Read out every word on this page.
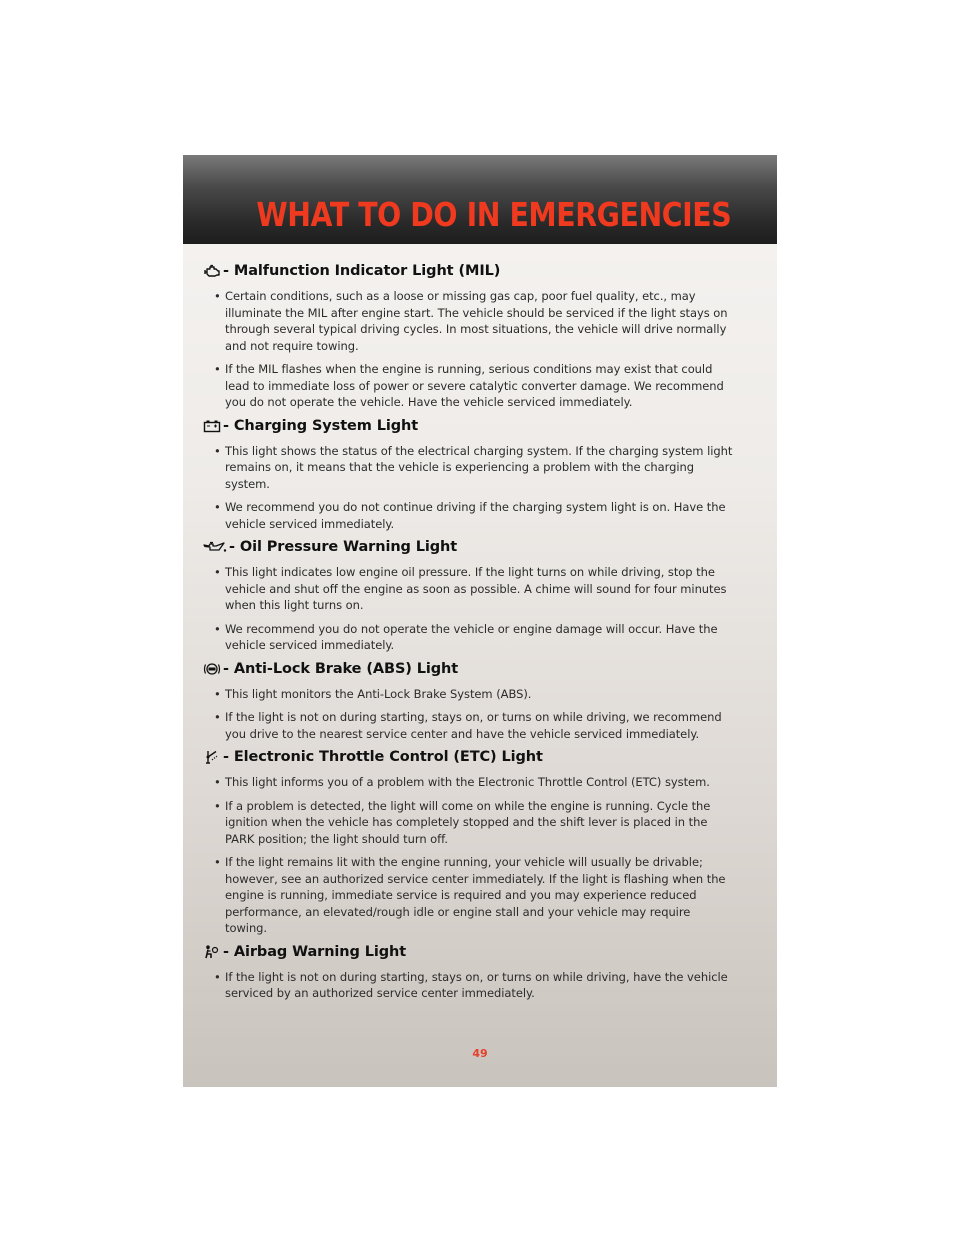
WHAT TO DO IN EMERGENCIES
- Malfunction Indicator Light (MIL)
• Certain conditions, such as a loose or missing gas cap, poor fuel quality, etc., may illuminate the MIL after engine start. The vehicle should be serviced if the light stays on through several typical driving cycles. In most situations, the vehicle will drive normally and not require towing.
• If the MIL flashes when the engine is running, serious conditions may exist that could lead to immediate loss of power or severe catalytic converter damage. We recommend you do not operate the vehicle. Have the vehicle serviced immediately.
- Charging System Light
• This light shows the status of the electrical charging system. If the charging system light remains on, it means that the vehicle is experiencing a problem with the charging system.
• We recommend you do not continue driving if the charging system light is on. Have the vehicle serviced immediately.
- Oil Pressure Warning Light
• This light indicates low engine oil pressure. If the light turns on while driving, stop the vehicle and shut off the engine as soon as possible. A chime will sound for four minutes when this light turns on.
• We recommend you do not operate the vehicle or engine damage will occur. Have the vehicle serviced immediately.
- Anti-Lock Brake (ABS) Light
• This light monitors the Anti-Lock Brake System (ABS).
• If the light is not on during starting, stays on, or turns on while driving, we recommend you drive to the nearest service center and have the vehicle serviced immediately.
- Electronic Throttle Control (ETC) Light
• This light informs you of a problem with the Electronic Throttle Control (ETC) system.
• If a problem is detected, the light will come on while the engine is running. Cycle the ignition when the vehicle has completely stopped and the shift lever is placed in the PARK position; the light should turn off.
• If the light remains lit with the engine running, your vehicle will usually be drivable; however, see an authorized service center immediately. If the light is flashing when the engine is running, immediate service is required and you may experience reduced performance, an elevated/rough idle or engine stall and your vehicle may require towing.
- Airbag Warning Light
• If the light is not on during starting, stays on, or turns on while driving, have the vehicle serviced by an authorized service center immediately.
49
